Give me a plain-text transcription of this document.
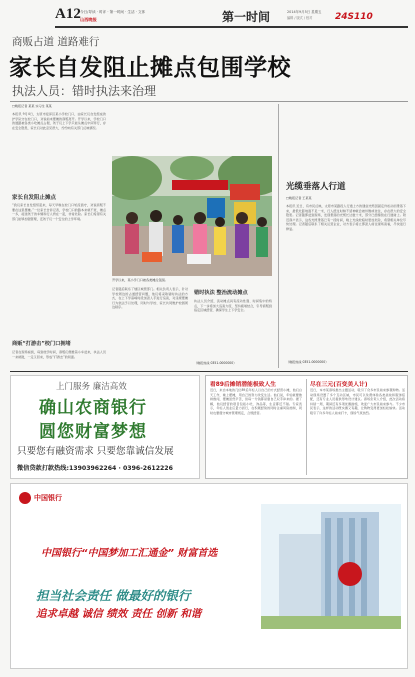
A12 今日/导读 · 时评 · 第一时间 · 生活 · 文体
山西晚报	第一时间	2014年9月5日 星期五
编辑 / 版式 / 校对	24S110
商贩占道 道路难行
家长自发阻止摊点包围学校
执法人员：错时执法来治理
□晚报记者 某某 实习生 某某
本报讯 9月4日，太原市迎泽区某小学校门口，由家长们自发组成的护学队守在校门口，劝说前来摆摊的商贩离开。开学以来，学校门口的道路被各类小吃摊点占据，孩子们上下学只能从摊点中间穿行，存在安全隐患，家长们对此意见很大，纷纷向有关部门反映情况。
家长自发阻止摊点
“我们家长自发组织起来，每天早晚在校门口轮流值守，劝说商贩不要在这里摆摊。”一位家长告诉记者，学校门口的路本来就不宽，摊点一多，接送孩子的车辆和行人挤在一起，非常危险。家长们希望有关部门能够加强管理，还孩子们一个安全的上学环境。
商贩“打游击”校门口拥堵
记者在现场看到，每到放学时间，商贩们便推着小车赶来，执法人员一来就散，一走又回来，形成“打游击”的局面。
开学以来，某小学门口被各类摊点包围。
记者随后联系了辖区城管部门。相关负责人表示，针对学校周边的占道经营问题，他们将采取错时执法的方式，在上下学高峰时段加派人手进行巡查，对违规摆摊行为依法予以处理，同时与学校、家长共同维护校园周边秩序。
错时执法 整治流动摊点
执法人员介绍，流动摊点具有流动性强、时间集中的特点，下一步将加大巡查力度，坚持疏堵结合，引导商贩到指定区域经营，确保学生上下学安全。
（晚报热线 0351-0000000）
光缆垂落人行道
□晚报记者 王某某
本报讯 近日，有市民反映，太原市某路段人行道上方的通信光缆因固定件松动而垂落下来，最低处距地面不足一米，行人经过时稍不留神就会被绊倒或挂住，存在很大的安全隐患。记者随即赶到现场，发现垂落的光缆长达数十米，部分已经缠绕在行道树上。附近商户表示，这些光缆垂落已有一段时间，晚上光线较暗时更加危险，希望相关单位尽快处理。记者随后联系了相关运营企业，对方表示将立即派人前往现场查看，尽快进行修复。
（晚报热线 0351-0000000）
上门服务 廉洁高效
确山农商银行
圆您财富梦想
只要您有融资需求 只要您靠诚信发展
微信贷款打款热线:13903962264 · 0396-2612226
看89后摊销潜能极致人生
近日，来自本地的几位89后年轻人以自己的方式经营小摊，他们白天工作，晚上摆摊，用自己的努力改变生活。他们说，年轻就要敢拼敢闯，摆摊虽然辛苦，但每一分钱都是靠自己双手挣来的。据了解，他们经营的项目包括小吃、饰品等，生意都还不错。专家表示，年轻人创业应量力而行，在积累经验的同时注重风险控制，同时也要遵守城市管理规定，合规经营。
尽在三元(百变美人计)
近日，本市某商场推出主题活动，吸引了众多市民前来参观购物。活动现场设置了多个互动区域，市民可以免费体验各类美妆和服饰搭配，还有专业人员提供形象设计建议。商场负责人介绍，此次活动将持续一周，期间还有多项优惠措施，欢迎广大市民前来参与。不少市民表示，这样的活动既实惠又有趣，让购物变得更加轻松愉快。活动吸引了许多年轻人前来打卡，现场气氛热烈。
中国银行
中国银行“中国梦加工汇通金” 财富首选
担当社会责任 做最好的银行
追求卓越 诚信 绩效 责任 创新 和谐
